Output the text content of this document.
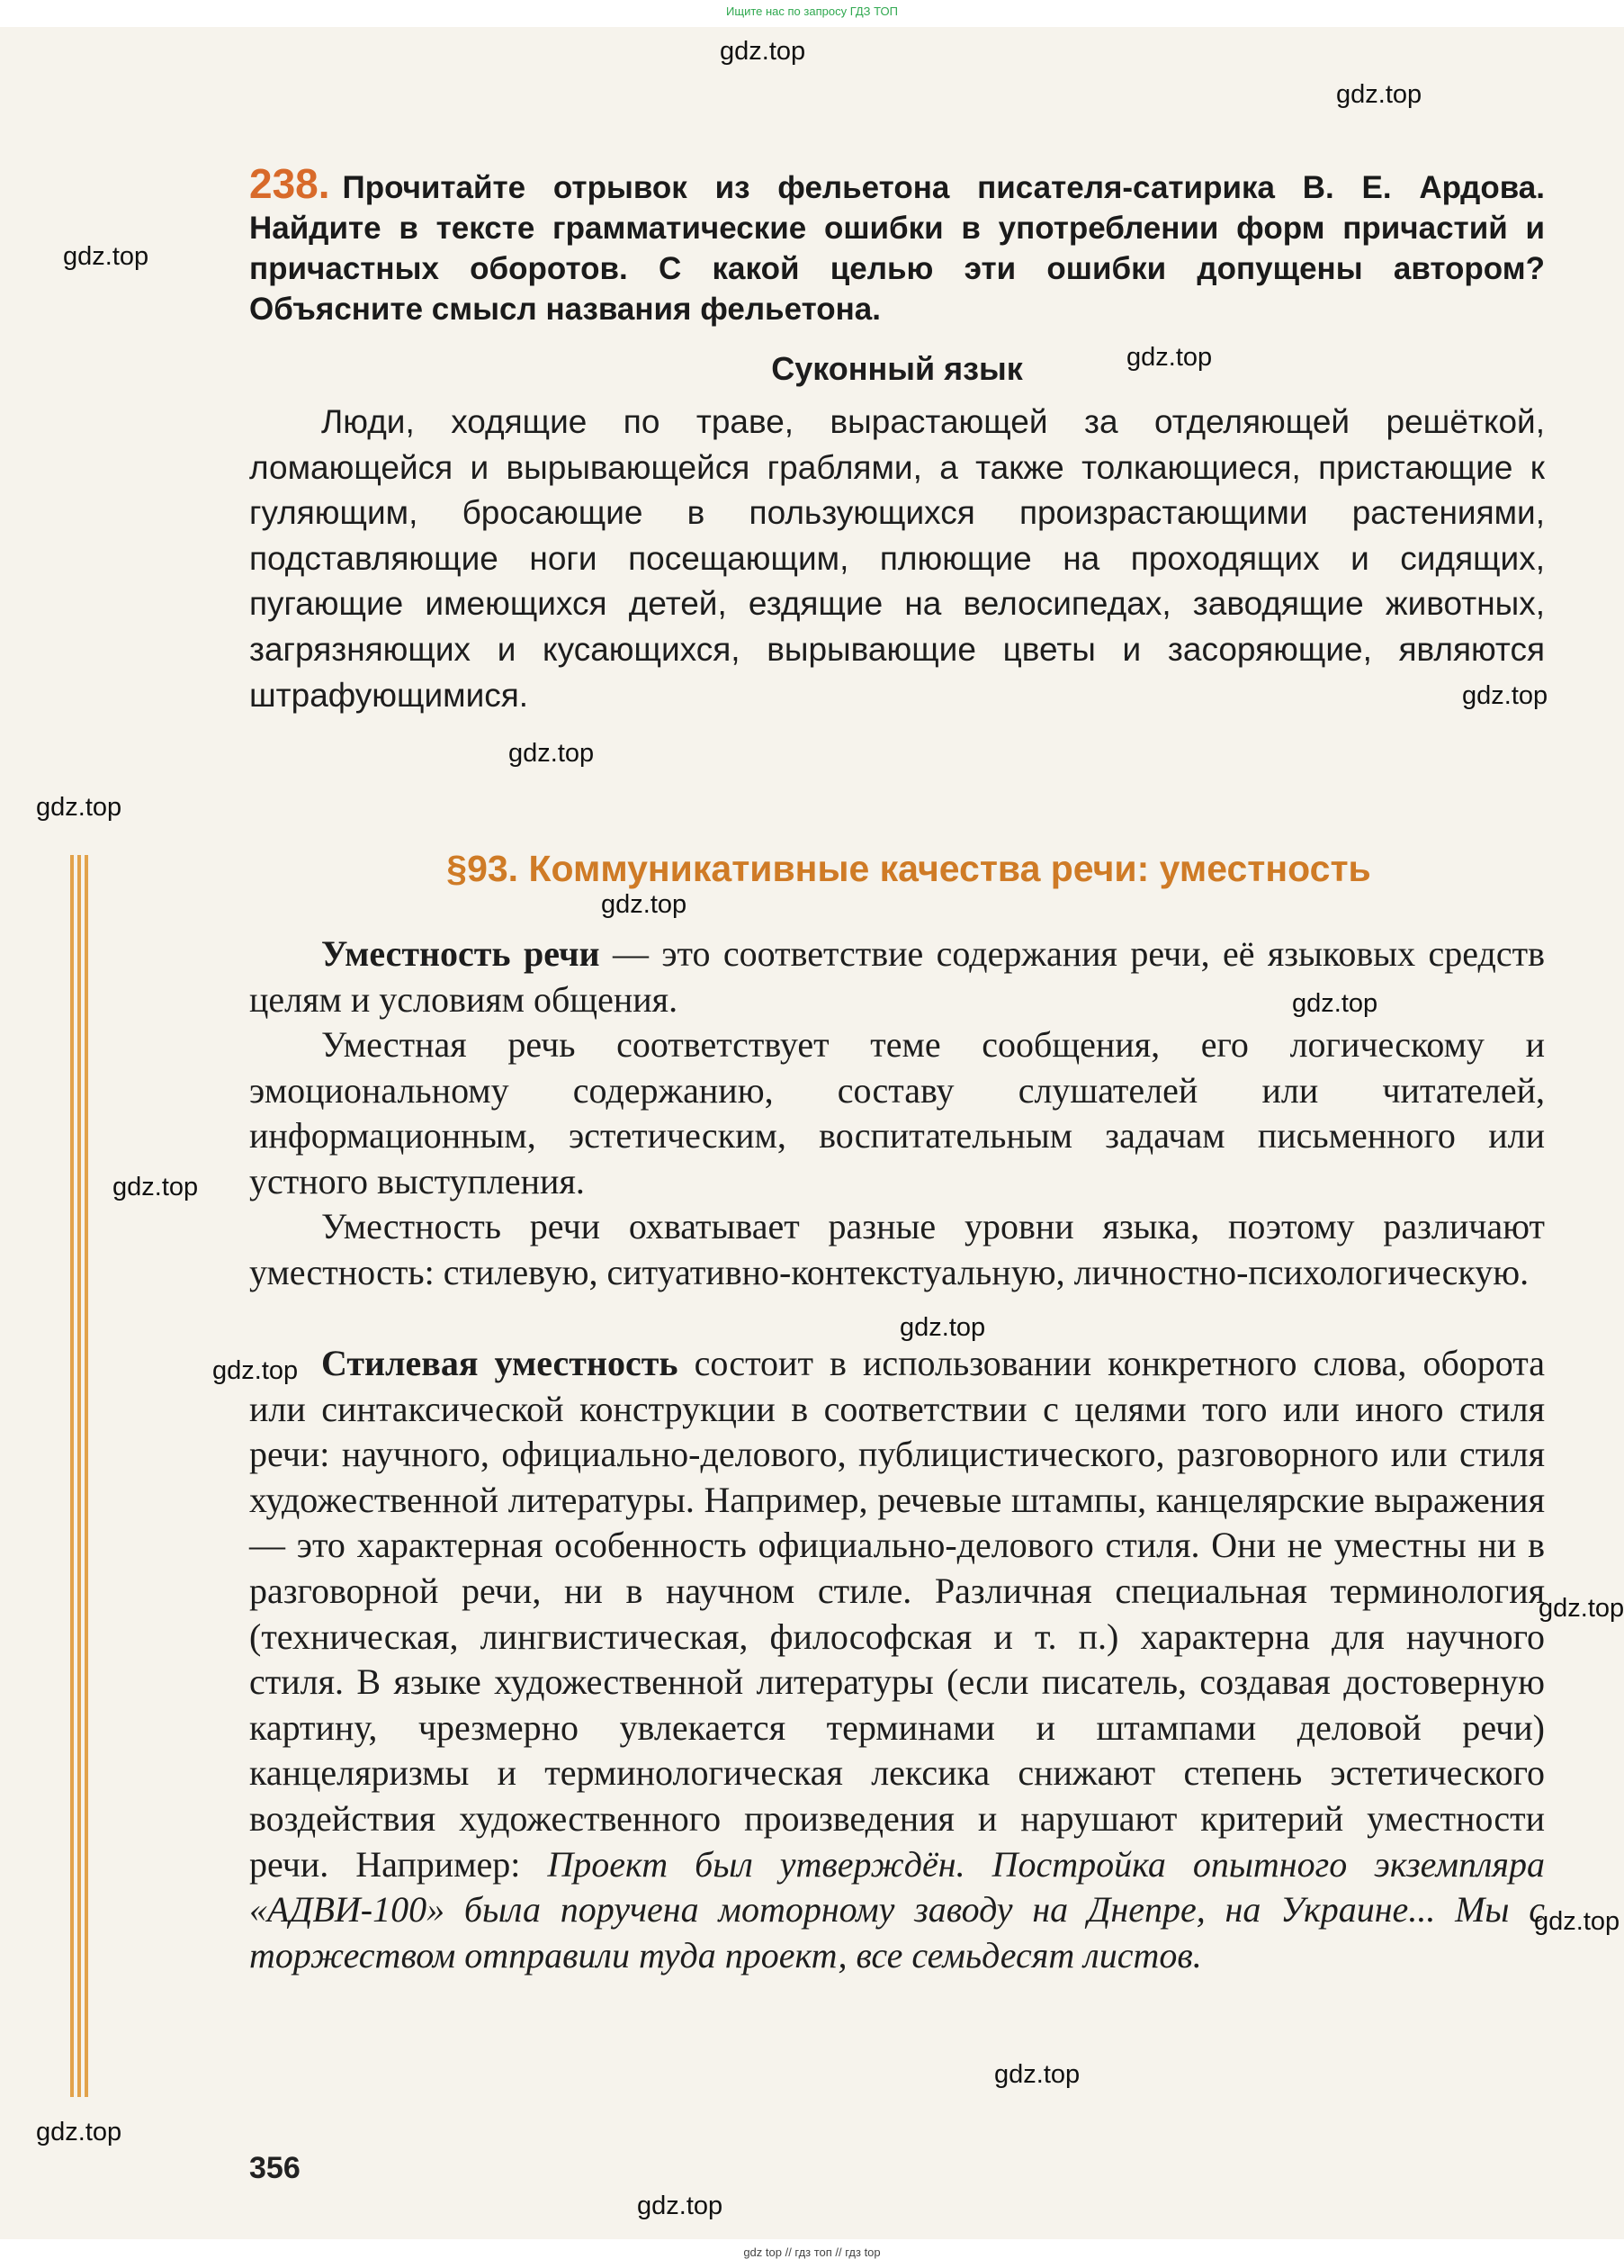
Ищите нас по запросу ГДЗ ТОП
238. Прочитайте отрывок из фельетона писателя-сатирика В. Е. Ардова. Найдите в тексте грамматические ошибки в употреблении форм причастий и причастных оборотов. С какой целью эти ошибки допущены автором? Объясните смысл названия фельетона.
Суконный язык
Люди, ходящие по траве, вырастающей за отделяющей решёткой, ломающейся и вырывающейся граблями, а также толкающиеся, пристающие к гуляющим, бросающие в пользующихся произрастающими растениями, подставляющие ноги посещающим, плюющие на проходящих и сидящих, пугающие имеющихся детей, ездящие на велосипедах, заводящие животных, загрязняющих и кусающихся, вырывающие цветы и засоряющие, являются штрафующимися.
§93. Коммуникативные качества речи: уместность

Уместность речи — это соответствие содержания речи, её языковых средств целям и условиям общения.

Уместная речь соответствует теме сообщения, его логическому и эмоциональному содержанию, составу слушателей или читателей, информационным, эстетическим, воспитательным задачам письменного или устного выступления.

Уместность речи охватывает разные уровни языка, поэтому различают уместность: стилевую, ситуативно-контекстуальную, личностно-психологическую.

Стилевая уместность состоит в использовании конкретного слова, оборота или синтаксической конструкции в соответствии с целями того или иного стиля речи: научного, официально-делового, публицистического, разговорного или стиля художественной литературы. Например, речевые штампы, канцелярские выражения — это характерная особенность официально-делового стиля. Они не уместны ни в разговорной речи, ни в научном стиле. Различная специальная терминология (техническая, лингвистическая, философская и т. п.) характерна для научного стиля. В языке художественной литературы (если писатель, создавая достоверную картину, чрезмерно увлекается терминами и штампами деловой речи) канцеляризмы и терминологическая лексика снижают степень эстетического воздействия художественного произведения и нарушают критерий уместности речи. Например: Проект был утверждён. Постройка опытного экземпляра «АДВИ-100» была поручена моторному заводу на Днепре, на Украине... Мы с торжеством отправили туда проект, все семьдесят листов.

356
gdz.top
gdz.top
gdz.top
gdz.top
gdz.top
gdz.top
gdz.top
gdz.top
gdz.top
gdz.top
gdz.top
gdz.top
gdz.top
gdz.top
gdz.top
gdz.top
gdz.top
gdz top // гдз топ // гдз top
